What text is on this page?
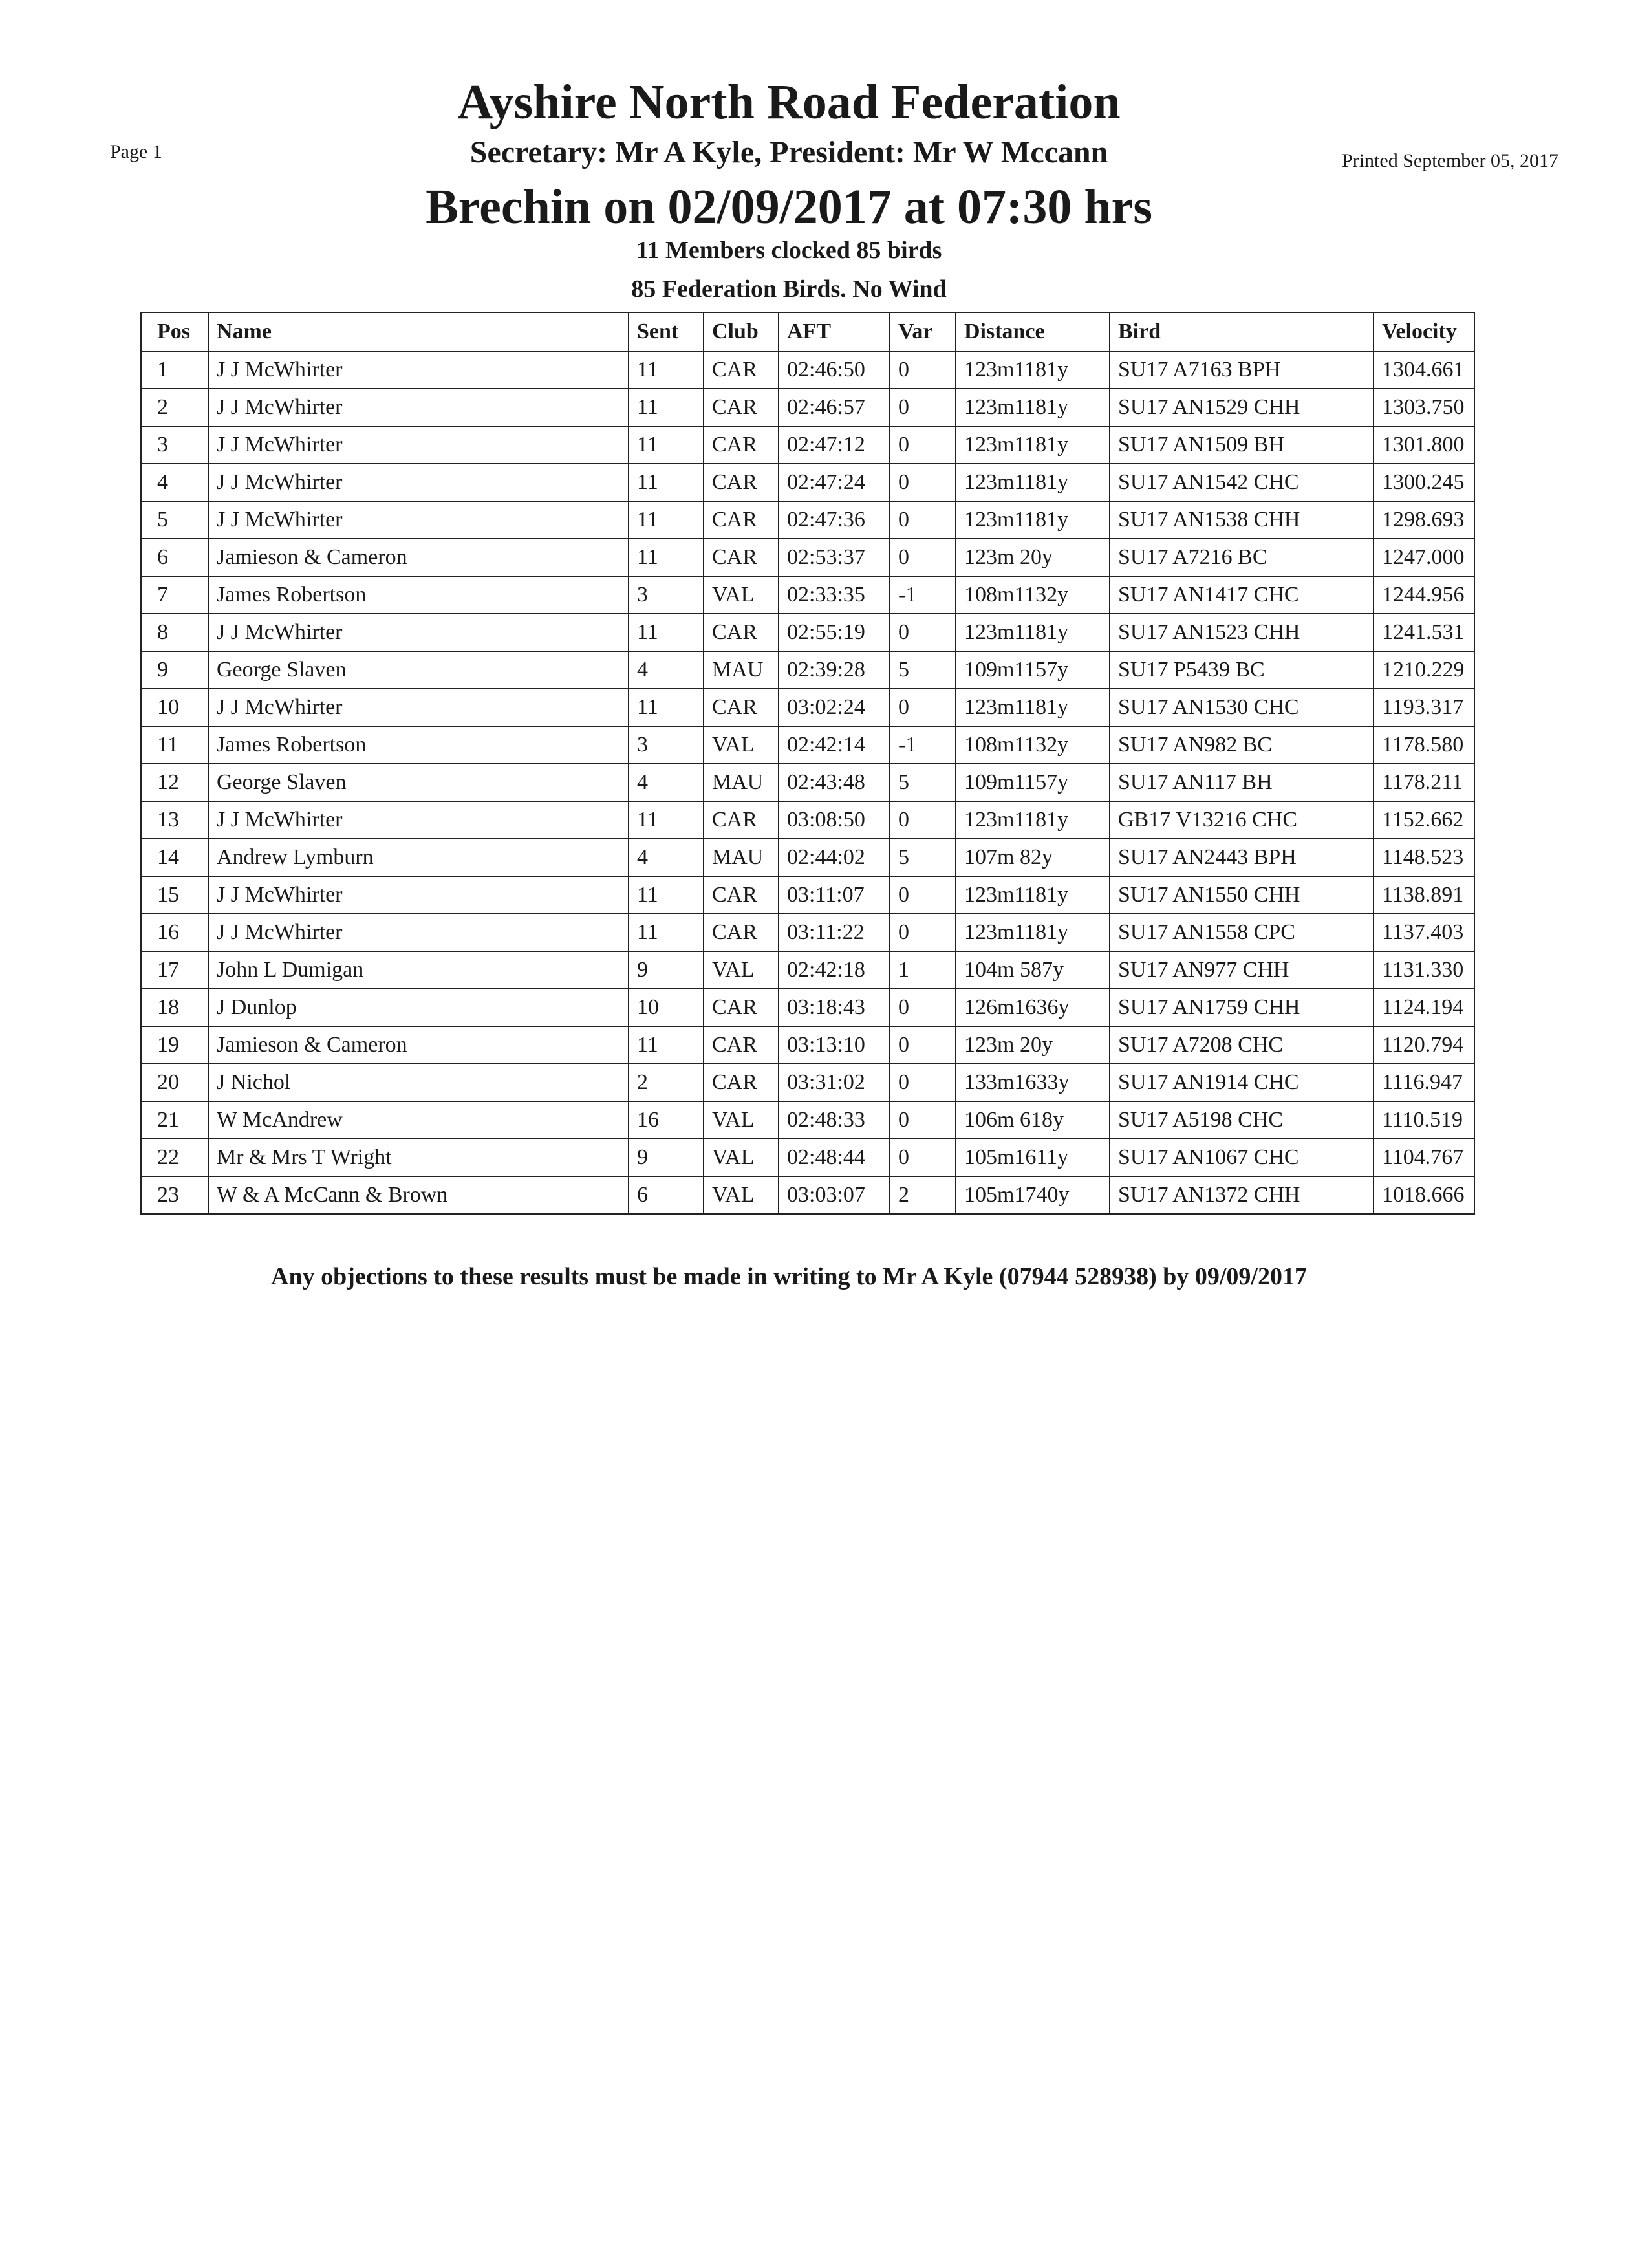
Page 1
Ayshire North Road Federation
Secretary: Mr A Kyle, President: Mr W Mccann	Printed September 05, 2017
Brechin on 02/09/2017 at 07:30 hrs
11 Members clocked 85 birds
85 Federation Birds. No Wind
Pos	Name	Sent	Club	AFT	Var	Distance	Bird	Velocity
1	J J McWhirter	11	CAR	02:46:50	0	123m1181y	SU17 A7163 BPH	1304.661
2	J J McWhirter	11	CAR	02:46:57	0	123m1181y	SU17 AN1529 CHH	1303.750
3	J J McWhirter	11	CAR	02:47:12	0	123m1181y	SU17 AN1509 BH	1301.800
4	J J McWhirter	11	CAR	02:47:24	0	123m1181y	SU17 AN1542 CHC	1300.245
5	J J McWhirter	11	CAR	02:47:36	0	123m1181y	SU17 AN1538 CHH	1298.693
6	Jamieson & Cameron	11	CAR	02:53:37	0	123m 20y	SU17 A7216 BC	1247.000
7	James Robertson	3	VAL	02:33:35	-1	108m1132y	SU17 AN1417 CHC	1244.956
8	J J McWhirter	11	CAR	02:55:19	0	123m1181y	SU17 AN1523 CHH	1241.531
9	George Slaven	4	MAU	02:39:28	5	109m1157y	SU17 P5439 BC	1210.229
10	J J McWhirter	11	CAR	03:02:24	0	123m1181y	SU17 AN1530 CHC	1193.317
11	James Robertson	3	VAL	02:42:14	-1	108m1132y	SU17 AN982 BC	1178.580
12	George Slaven	4	MAU	02:43:48	5	109m1157y	SU17 AN117 BH	1178.211
13	J J McWhirter	11	CAR	03:08:50	0	123m1181y	GB17 V13216 CHC	1152.662
14	Andrew Lymburn	4	MAU	02:44:02	5	107m 82y	SU17 AN2443 BPH	1148.523
15	J J McWhirter	11	CAR	03:11:07	0	123m1181y	SU17 AN1550 CHH	1138.891
16	J J McWhirter	11	CAR	03:11:22	0	123m1181y	SU17 AN1558 CPC	1137.403
17	John L Dumigan	9	VAL	02:42:18	1	104m 587y	SU17 AN977 CHH	1131.330
18	J Dunlop	10	CAR	03:18:43	0	126m1636y	SU17 AN1759 CHH	1124.194
19	Jamieson & Cameron	11	CAR	03:13:10	0	123m 20y	SU17 A7208 CHC	1120.794
20	J Nichol	2	CAR	03:31:02	0	133m1633y	SU17 AN1914 CHC	1116.947
21	W McAndrew	16	VAL	02:48:33	0	106m 618y	SU17 A5198 CHC	1110.519
22	Mr & Mrs T Wright	9	VAL	02:48:44	0	105m1611y	SU17 AN1067 CHC	1104.767
23	W & A McCann & Brown	6	VAL	03:03:07	2	105m1740y	SU17 AN1372 CHH	1018.666
Any objections to these results must be made in writing to Mr A Kyle (07944 528938) by 09/09/2017
